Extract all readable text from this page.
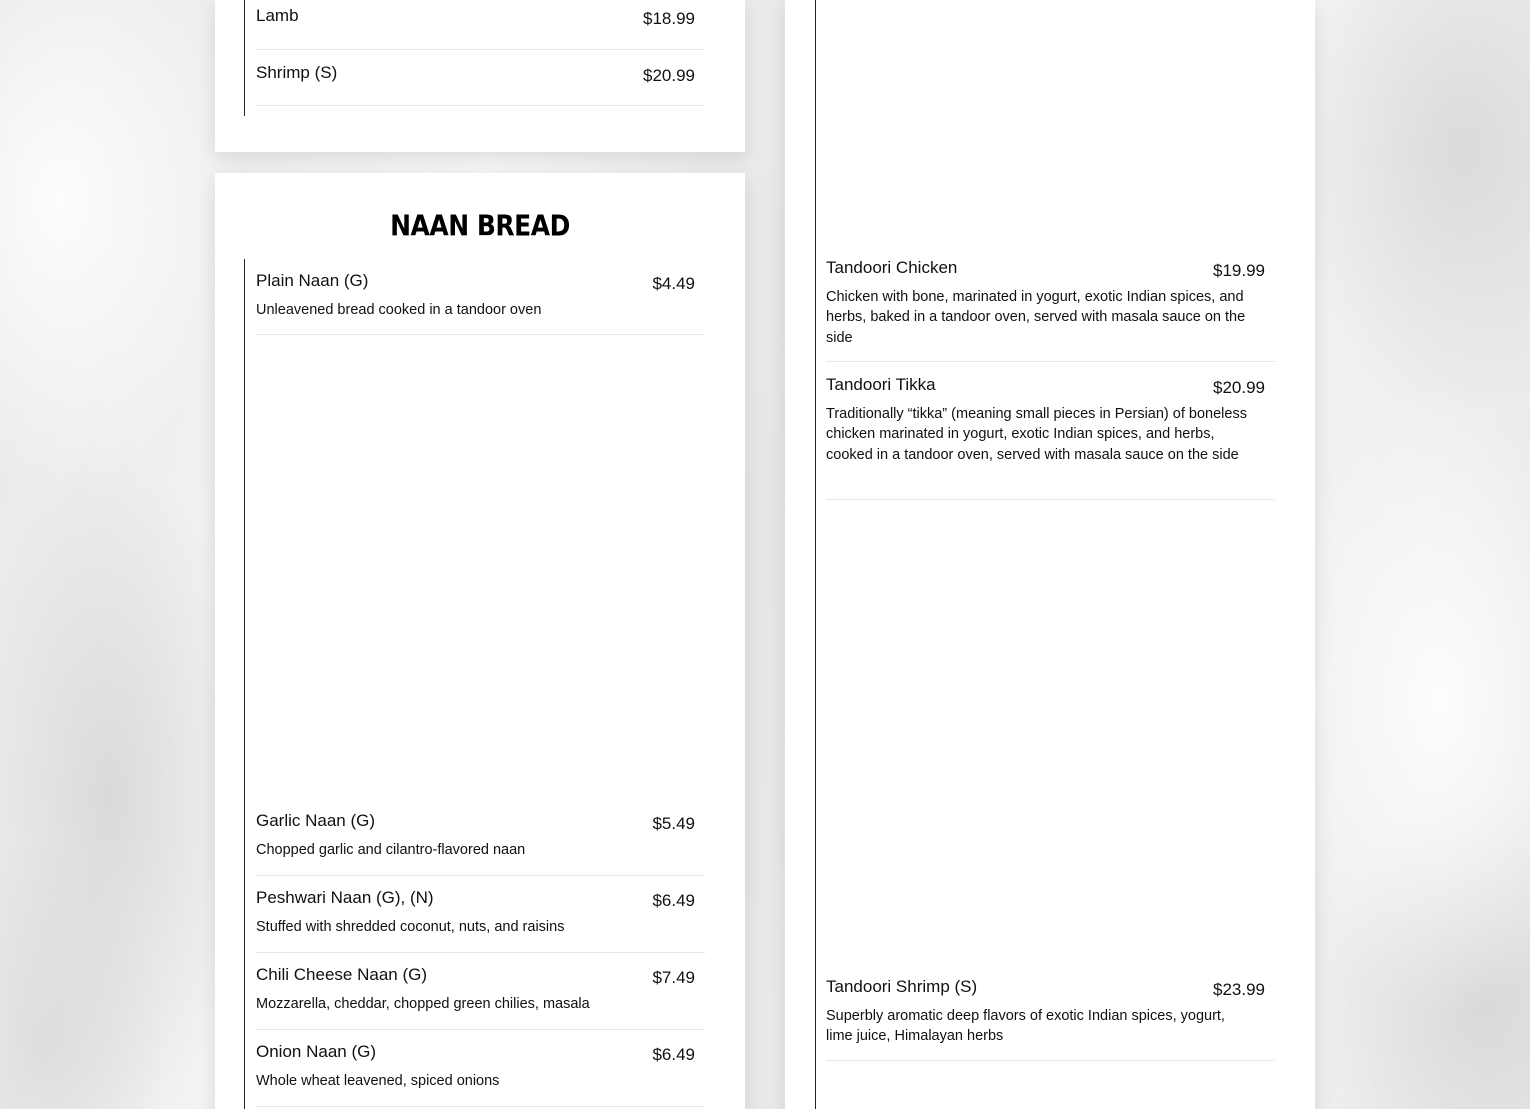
Lamb	$18.99
Shrimp (S)	$20.99
NAAN BREAD
Plain Naan (G)	$4.49
Unleavened bread cooked in a tandoor oven
Garlic Naan (G)	$5.49
Chopped garlic and cilantro-flavored naan
Peshwari Naan (G), (N)	$6.49
Stuffed with shredded coconut, nuts, and raisins
Chili Cheese Naan (G)	$7.49
Mozzarella, cheddar, chopped green chilies, masala
Onion Naan (G)	$6.49
Whole wheat leavened, spiced onions
Tandoori Chicken	$19.99
Chicken with bone, marinated in yogurt, exotic Indian spices, and herbs, baked in a tandoor oven, served with masala sauce on the side
Tandoori Tikka	$20.99
Traditionally “tikka” (meaning small pieces in Persian) of boneless chicken marinated in yogurt, exotic Indian spices, and herbs, cooked in a tandoor oven, served with masala sauce on the side
Tandoori Shrimp (S)	$23.99
Superbly aromatic deep flavors of exotic Indian spices, yogurt, lime juice, Himalayan herbs
